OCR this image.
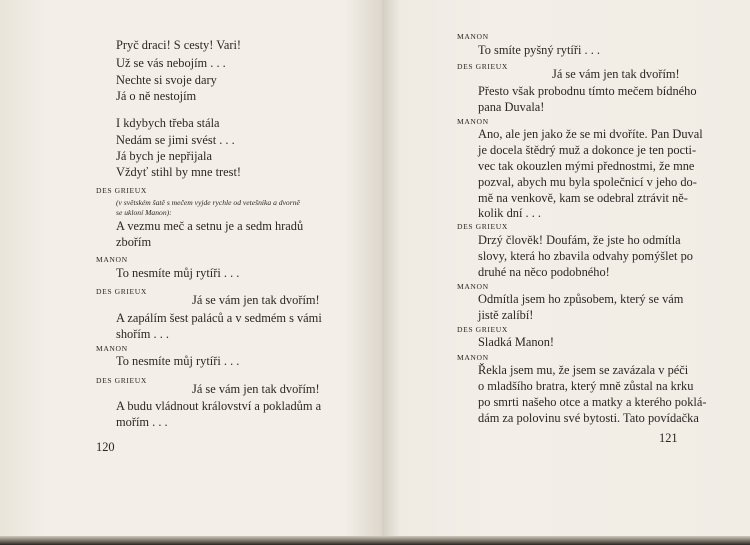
Pryč draci! S cesty! Vari!
Už se vás nebojím . . .
Nechte si svoje dary
Já o ně nestojím
I kdybych třeba stála
Nedám se jimi svést . . .
Já bych je nepřijala
Vždyť stihl by mne trest!
DES GRIEUX
(v světském šatě s mečem vyjde rychle od vetešníka a dvorně
se ukloní Manon):
A vezmu meč a setnu je a sedm hradů
zbořím
MANON
To nesmíte můj rytíři . . .
DES GRIEUX
Já se vám jen tak dvořím!
A zapálím šest paláců a v sedmém s vámi
shořím . . .
MANON
To nesmíte můj rytíři . . .
DES GRIEUX
Já se vám jen tak dvořím!
A budu vládnout království a pokladům a
mořím . . .
120
MANON
To smíte pyšný rytíři . . .
DES GRIEUX
Já se vám jen tak dvořím!
Přesto však probodnu tímto mečem bídného
pana Duvala!
MANON
Ano, ale jen jako že se mi dvoříte. Pan Duval
je docela štědrý muž a dokonce je ten pocti-
vec tak okouzlen mými přednostmi, že mne
pozval, abych mu byla společnicí v jeho do-
mě na venkově, kam se odebral ztrávit ně-
kolik dní . . .
DES GRIEUX
Drzý člověk! Doufám, že jste ho odmítla
slovy, která ho zbavila odvahy pomýšlet po
druhé na něco podobného!
MANON
Odmítla jsem ho způsobem, který se vám
jistě zalíbí!
DES GRIEUX
Sladká Manon!
MANON
Řekla jsem mu, že jsem se zavázala v péči
o mladšího bratra, který mně zůstal na krku
po smrti našeho otce a matky a kterého poklá-
dám za polovinu své bytosti. Tato povídačka
121
